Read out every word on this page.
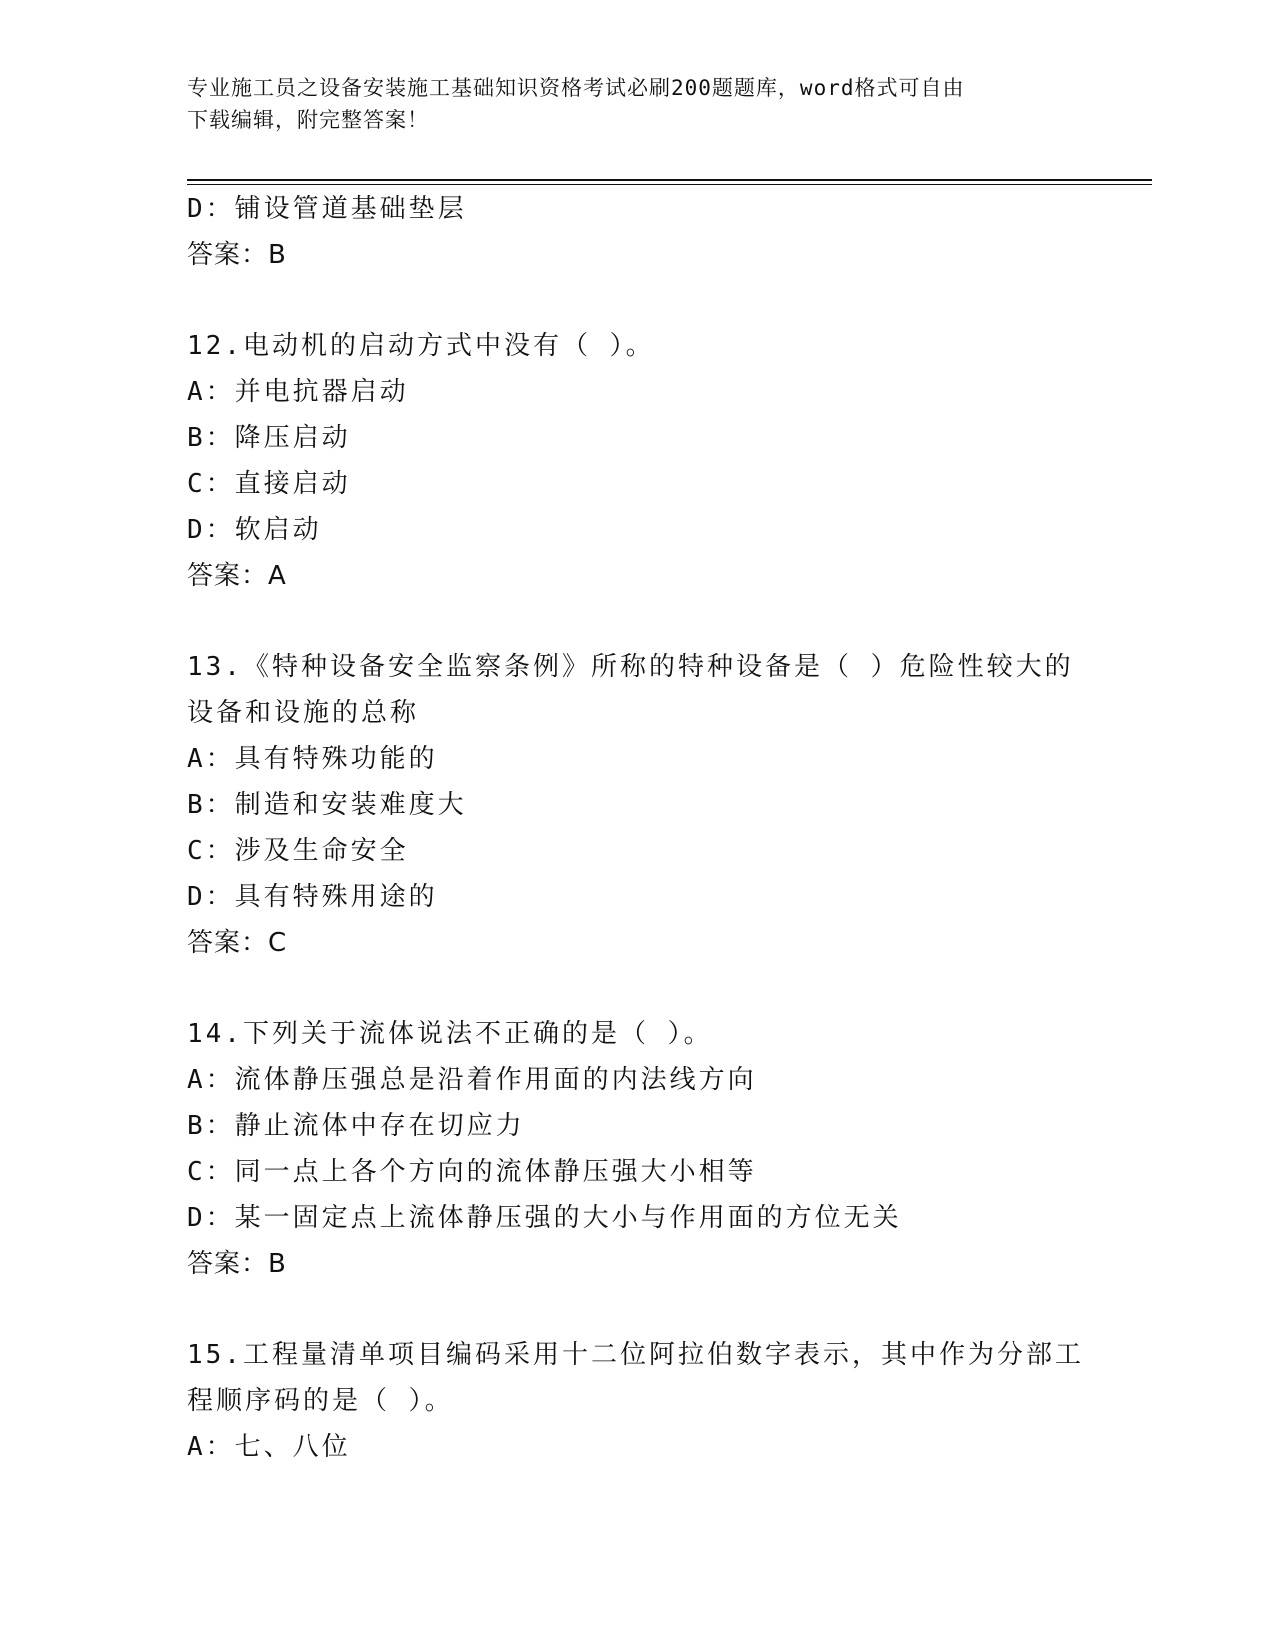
专业施工员之设备安装施工基础知识资格考试必刷200题题库，word格式可自由
下载编辑，附完整答案！
D：铺设管道基础垫层
答案：B
12.电动机的启动方式中没有（ ）。
A：并电抗器启动
B：降压启动
C：直接启动
D：软启动
答案：A
13.《特种设备安全监察条例》所称的特种设备是（ ）危险性较大的
设备和设施的总称
A：具有特殊功能的
B：制造和安装难度大
C：涉及生命安全
D：具有特殊用途的
答案：C
14.下列关于流体说法不正确的是（ ）。
A：流体静压强总是沿着作用面的内法线方向
B：静止流体中存在切应力
C：同一点上各个方向的流体静压强大小相等
D：某一固定点上流体静压强的大小与作用面的方位无关
答案：B
15.工程量清单项目编码采用十二位阿拉伯数字表示，其中作为分部工
程顺序码的是（ ）。
A：七、八位
